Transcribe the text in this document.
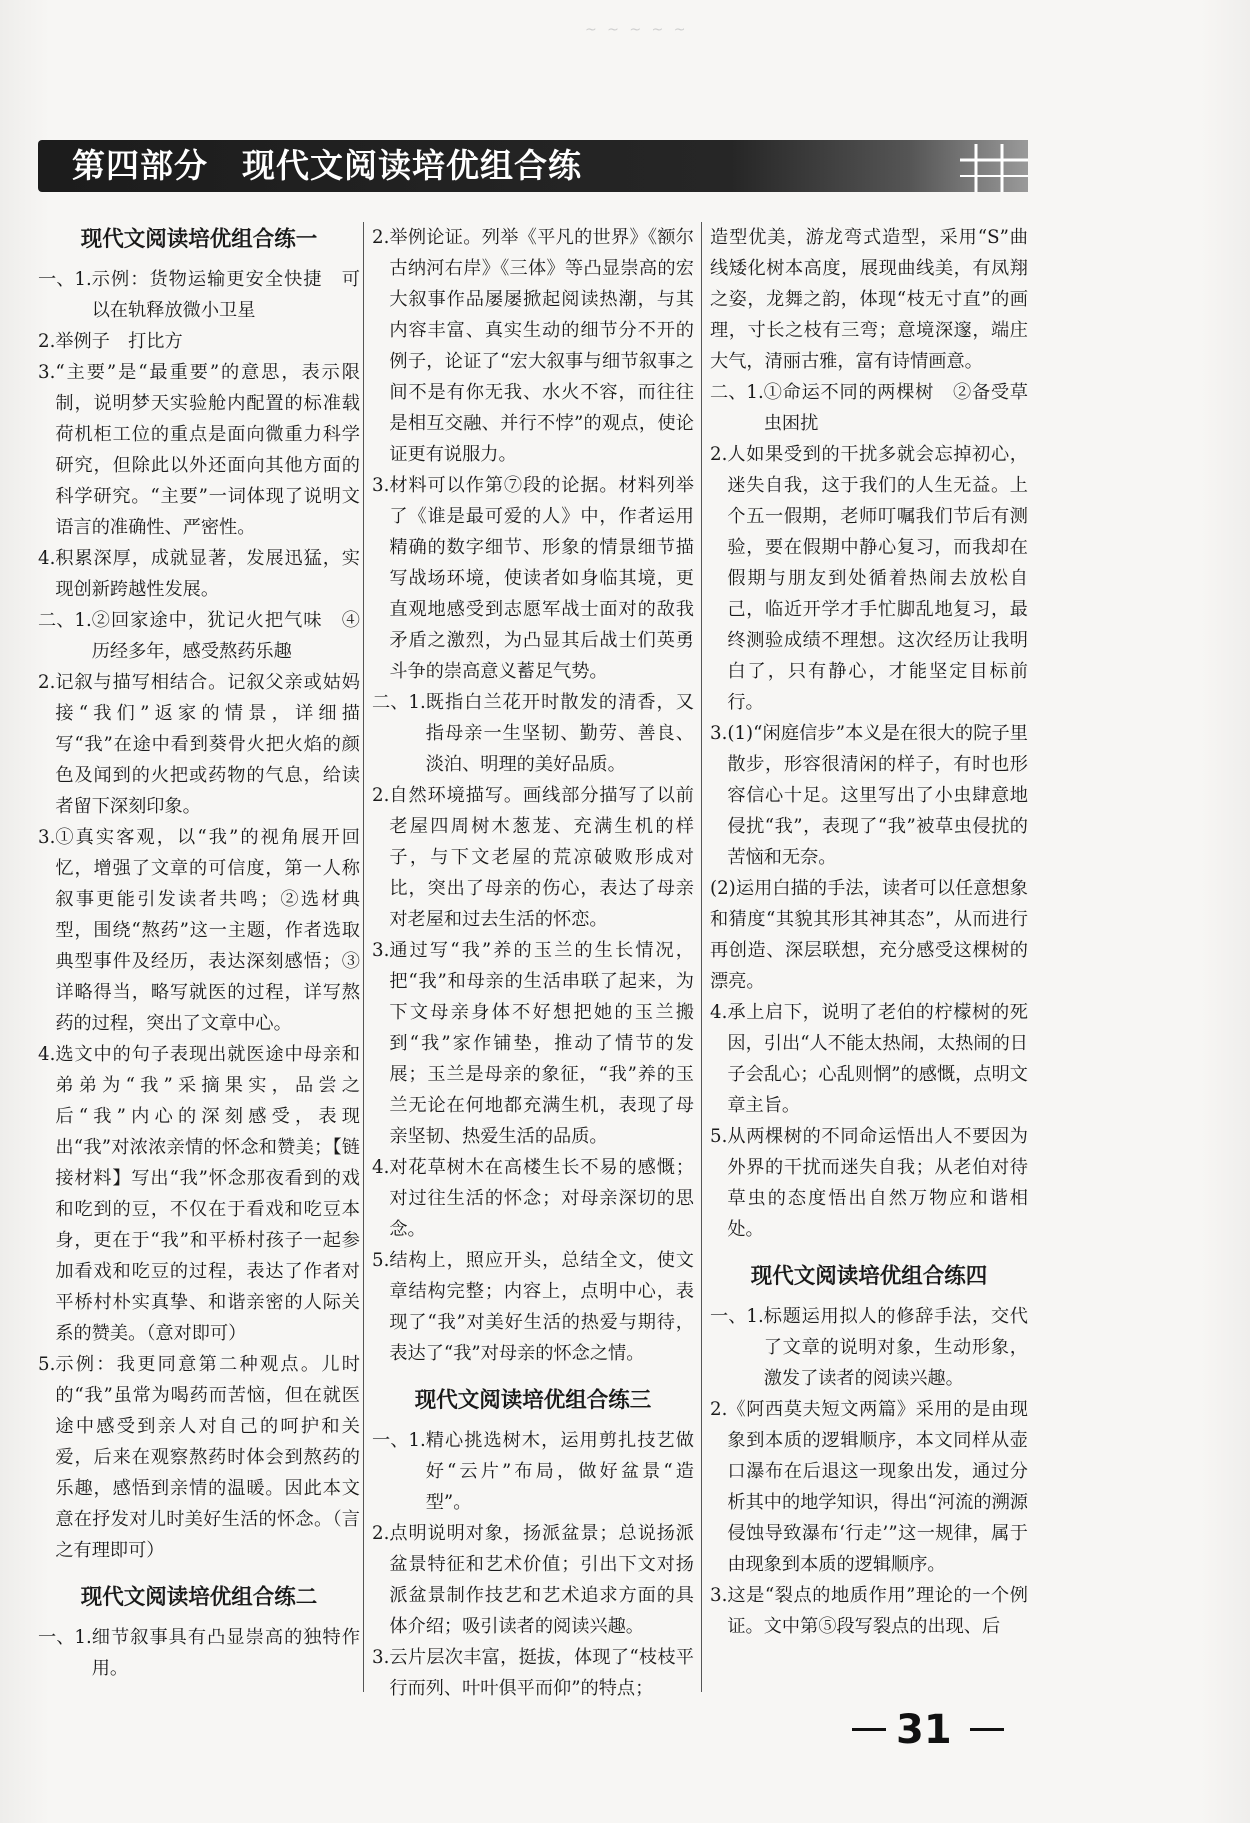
~ ~ ~ ~ ~
第四部分　现代文阅读培优组合练
现代文阅读培优组合练一
一、1. 示例：货物运输更安全快捷　可以在轨释放微小卫星
2. 举例子　打比方
3. “主要”是“最重要”的意思，表示限制，说明梦天实验舱内配置的标准载荷机柜工位的重点是面向微重力科学研究，但除此以外还面向其他方面的科学研究。“主要”一词体现了说明文语言的准确性、严密性。
4. 积累深厚，成就显著，发展迅猛，实现创新跨越性发展。
二、1. ②回家途中，犹记火把气味　④历经多年，感受熬药乐趣
2. 记叙与描写相结合。记叙父亲或姑妈接“我们”返家的情景，详细描写“我”在途中看到葵骨火把火焰的颜色及闻到的火把或药物的气息，给读者留下深刻印象。
3. ①真实客观，以“我”的视角展开回忆，增强了文章的可信度，第一人称叙事更能引发读者共鸣；②选材典型，围绕“熬药”这一主题，作者选取典型事件及经历，表达深刻感悟；③详略得当，略写就医的过程，详写熬药的过程，突出了文章中心。
4. 选文中的句子表现出就医途中母亲和弟弟为“我”采摘果实，品尝之后“我”内心的深刻感受，表现出“我”对浓浓亲情的怀念和赞美；【链接材料】写出“我”怀念那夜看到的戏和吃到的豆，不仅在于看戏和吃豆本身，更在于“我”和平桥村孩子一起参加看戏和吃豆的过程，表达了作者对平桥村朴实真挚、和谐亲密的人际关系的赞美。（意对即可）
5. 示例：我更同意第二种观点。儿时的“我”虽常为喝药而苦恼，但在就医途中感受到亲人对自己的呵护和关爱，后来在观察熬药时体会到熬药的乐趣，感悟到亲情的温暖。因此本文意在抒发对儿时美好生活的怀念。（言之有理即可）
现代文阅读培优组合练二
一、1. 细节叙事具有凸显崇高的独特作用。
2. 举例论证。列举《平凡的世界》《额尔古纳河右岸》《三体》等凸显崇高的宏大叙事作品屡屡掀起阅读热潮，与其内容丰富、真实生动的细节分不开的例子，论证了“宏大叙事与细节叙事之间不是有你无我、水火不容，而往往是相互交融、并行不悖”的观点，使论证更有说服力。
3. 材料可以作第⑦段的论据。材料列举了《谁是最可爱的人》中，作者运用精确的数字细节、形象的情景细节描写战场环境，使读者如身临其境，更直观地感受到志愿军战士面对的敌我矛盾之激烈，为凸显其后战士们英勇斗争的崇高意义蓄足气势。
二、1. 既指白兰花开时散发的清香，又指母亲一生坚韧、勤劳、善良、淡泊、明理的美好品质。
2. 自然环境描写。画线部分描写了以前老屋四周树木葱茏、充满生机的样子，与下文老屋的荒凉破败形成对比，突出了母亲的伤心，表达了母亲对老屋和过去生活的怀恋。
3. 通过写“我”养的玉兰的生长情况，把“我”和母亲的生活串联了起来，为下文母亲身体不好想把她的玉兰搬到“我”家作铺垫，推动了情节的发展；玉兰是母亲的象征，“我”养的玉兰无论在何地都充满生机，表现了母亲坚韧、热爱生活的品质。
4. 对花草树木在高楼生长不易的感慨；对过往生活的怀念；对母亲深切的思念。
5. 结构上，照应开头，总结全文，使文章结构完整；内容上，点明中心，表现了“我”对美好生活的热爱与期待，表达了“我”对母亲的怀念之情。
现代文阅读培优组合练三
一、1. 精心挑选树木，运用剪扎技艺做好“云片”布局，做好盆景“造型”。
2. 点明说明对象，扬派盆景；总说扬派盆景特征和艺术价值；引出下文对扬派盆景制作技艺和艺术追求方面的具体介绍；吸引读者的阅读兴趣。
3. 云片层次丰富，挺拔，体现了“枝枝平行而列、叶叶俱平而仰”的特点；
造型优美，游龙弯式造型，采用“S”曲线矮化树本高度，展现曲线美，有凤翔之姿，龙舞之韵，体现“枝无寸直”的画理，寸长之枝有三弯；意境深邃，端庄大气，清丽古雅，富有诗情画意。
二、1. ①命运不同的两棵树　②备受草虫困扰
2. 人如果受到的干扰多就会忘掉初心，迷失自我，这于我们的人生无益。上个五一假期，老师叮嘱我们节后有测验，要在假期中静心复习，而我却在假期与朋友到处循着热闹去放松自己，临近开学才手忙脚乱地复习，最终测验成绩不理想。这次经历让我明白了，只有静心，才能坚定目标前行。
3. (1)“闲庭信步”本义是在很大的院子里散步，形容很清闲的样子，有时也形容信心十足。这里写出了小虫肆意地侵扰“我”，表现了“我”被草虫侵扰的苦恼和无奈。
(2)运用白描的手法，读者可以任意想象和猜度“其貌其形其神其态”，从而进行再创造、深层联想，充分感受这棵树的漂亮。
4. 承上启下，说明了老伯的柠檬树的死因，引出“人不能太热闹，太热闹的日子会乱心；心乱则惘”的感慨，点明文章主旨。
5. 从两棵树的不同命运悟出人不要因为外界的干扰而迷失自我；从老伯对待草虫的态度悟出自然万物应和谐相处。
现代文阅读培优组合练四
一、1. 标题运用拟人的修辞手法，交代了文章的说明对象，生动形象，激发了读者的阅读兴趣。
2. 《阿西莫夫短文两篇》采用的是由现象到本质的逻辑顺序，本文同样从壶口瀑布在后退这一现象出发，通过分析其中的地学知识，得出“河流的溯源侵蚀导致瀑布‘行走’”这一规律，属于由现象到本质的逻辑顺序。
3. 这是“裂点的地质作用”理论的一个例证。文中第⑤段写裂点的出现、后
31
